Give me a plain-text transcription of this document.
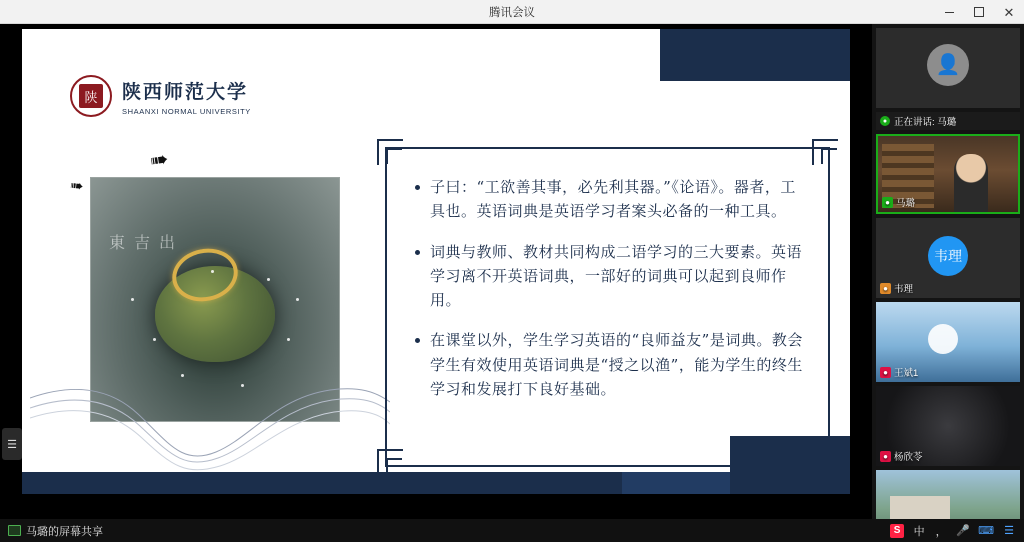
腾讯会议	✕
陕 陕西师范大学
SHAANXI NORMAL UNIVERSITY
➠
➠
東吉出
子曰：“工欲善其事，必先利其器。”《论语》。器者，工具也。英语词典是英语学习者案头必备的一种工具。
词典与教师、教材共同构成二语学习的三大要素。英语学习离不开英语词典，一部好的词典可以起到良师作用。
在课堂以外，学生学习英语的“良师益友”是词典。教会学生有效使用英语词典是“授之以渔”，能为学生的终生学习和发展打下良好基础。
☰
👤
● 正在讲话: 马璐
● 马璐
韦理
● 韦理
● 王斌1
● 杨欣苓
马璐的屏幕共享	S	中 ， 🎤 ⌨ ☰
